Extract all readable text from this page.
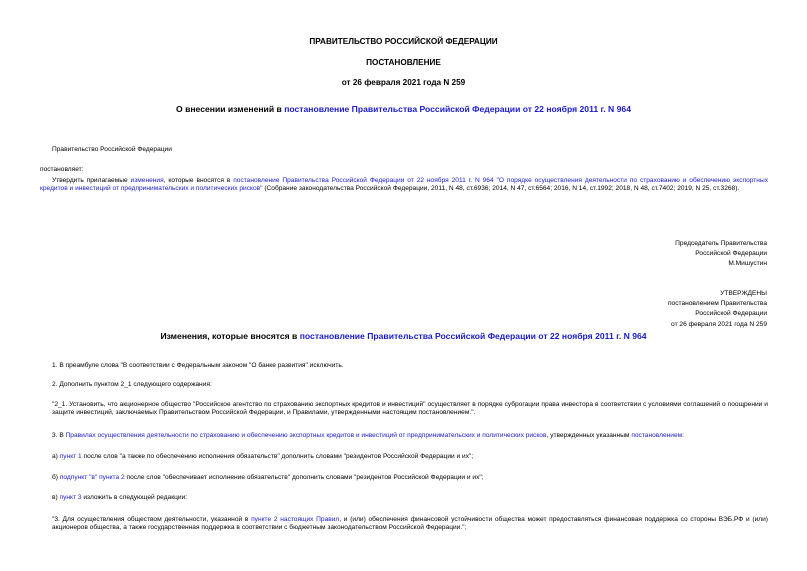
ПРАВИТЕЛЬСТВО РОССИЙСКОЙ ФЕДЕРАЦИИ
ПОСТАНОВЛЕНИЕ
от 26 февраля 2021 года N 259
О внесении изменений в постановление Правительства Российской Федерации от 22 ноября 2011 г. N 964
Правительство Российской Федерации
постановляет:
Утвердить прилагаемые изменения, которые вносятся в постановление Правительства Российской Федерации от 22 ноября 2011 г. N 964 "О порядке осуществления деятельности по страхованию и обеспечению экспортных кредитов и инвестиций от предпринимательских и политических рисков" (Собрание законодательства Российской Федерации, 2011, N 48, ст.6936; 2014, N 47, ст.6564; 2016, N 14, ст.1992; 2018, N 48, ст.7402; 2019, N 25, ст.3268).
Председатель Правительства
Российской Федерации
М.Мишустин
УТВЕРЖДЕНЫ
постановлением Правительства
Российской Федерации
от 26 февраля 2021 года N 259
Изменения, которые вносятся в постановление Правительства Российской Федерации от 22 ноября 2011 г. N 964
1. В преамбуле слова "В соответствии с Федеральным законом "О банке развития" исключить.
2. Дополнить пунктом 2_1 следующего содержания:
"2_1. Установить, что акционерное общество "Российское агентство по страхованию экспортных кредитов и инвестиций" осуществляет в порядке суброгации права инвестора в соответствии с условиями соглашений о поощрении и защите инвестиций, заключаемых Правительством Российской Федерации, и Правилами, утвержденными настоящим постановлением.".
3. В Правилах осуществления деятельности по страхованию и обеспечению экспортных кредитов и инвестиций от предпринимательских и политических рисков, утвержденных указанным постановлением:
а) пункт 1 после слов "а также по обеспечению исполнения обязательств" дополнить словами "резидентов Российской Федерации и их";
б) подпункт "в" пункта 2 после слов "обеспечивает исполнение обязательств" дополнить словами "резидентов Российской Федерации и их";
в) пункт 3 изложить в следующей редакции:
"3. Для осуществления обществом деятельности, указанной в пункте 2 настоящих Правил, и (или) обеспечения финансовой устойчивости общества может предоставляться финансовая поддержка со стороны ВЭБ.РФ и (или) акционеров общества, а также государственная поддержка в соответствии с бюджетным законодательством Российской Федерации.";
